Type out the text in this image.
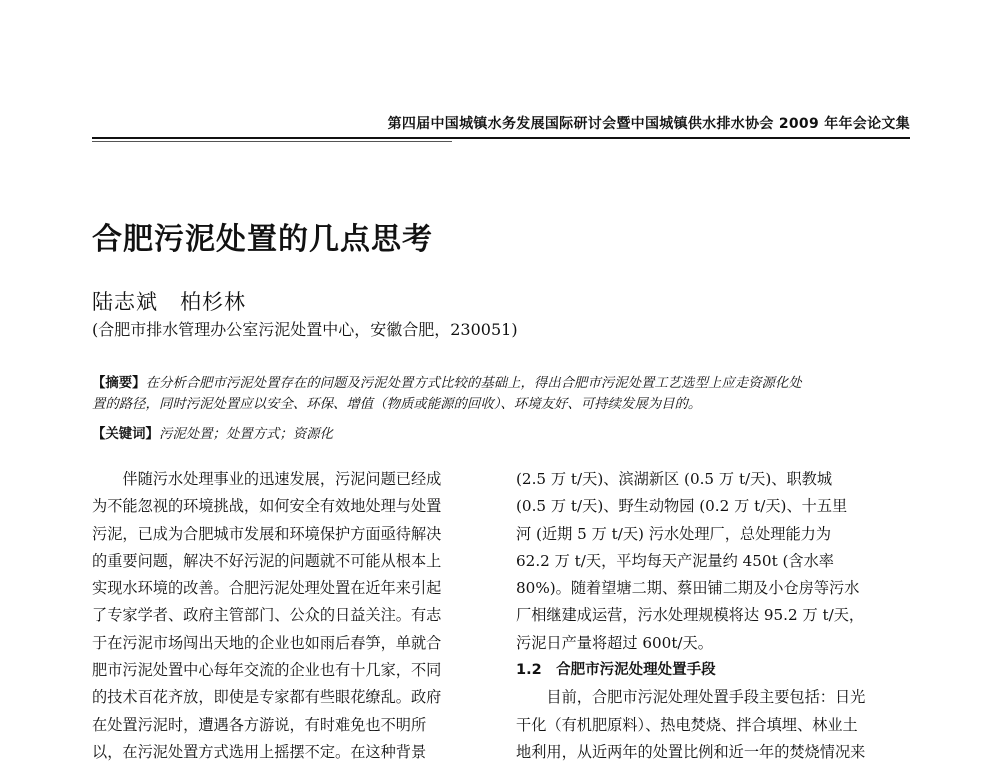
第四届中国城镇水务发展国际研讨会暨中国城镇供水排水协会 2009 年年会论文集
合肥污泥处置的几点思考
陆志斌　柏杉林
(合肥市排水管理办公室污泥处置中心，安徽合肥，230051)
【摘要】在分析合肥市污泥处置存在的问题及污泥处置方式比较的基础上，得出合肥市污泥处置工艺选型上应走资源化处
置的路径，同时污泥处置应以安全、环保、增值（物质或能源的回收）、环境友好、可持续发展为目的。
【关键词】污泥处置；处置方式；资源化
　　伴随污水处理事业的迅速发展，污泥问题已经成
为不能忽视的环境挑战，如何安全有效地处理与处置
污泥，已成为合肥城市发展和环境保护方面亟待解决
的重要问题，解决不好污泥的问题就不可能从根本上
实现水环境的改善。合肥污泥处理处置在近年来引起
了专家学者、政府主管部门、公众的日益关注。有志
于在污泥市场闯出天地的企业也如雨后春笋，单就合
肥市污泥处置中心每年交流的企业也有十几家，不同
的技术百花齐放，即使是专家都有些眼花缭乱。政府
在处置污泥时，遭遇各方游说，有时难免也不明所
以，在污泥处置方式选用上摇摆不定。在这种背景
(2.5 万 t/天)、滨湖新区 (0.5 万 t/天)、职教城
(0.5 万 t/天)、野生动物园 (0.2 万 t/天)、十五里
河 (近期 5 万 t/天) 污水处理厂，总处理能力为
62.2 万 t/天，平均每天产泥量约 450t (含水率
80%)。随着望塘二期、蔡田铺二期及小仓房等污水
厂相继建成运营，污水处理规模将达 95.2 万 t/天，
污泥日产量将超过 600t/天。
1.2　合肥市污泥处理处置手段
　　目前，合肥市污泥处理处置手段主要包括：日光
干化（有机肥原料）、热电焚烧、拌合填埋、林业土
地利用，从近两年的处置比例和近一年的焚烧情况来
